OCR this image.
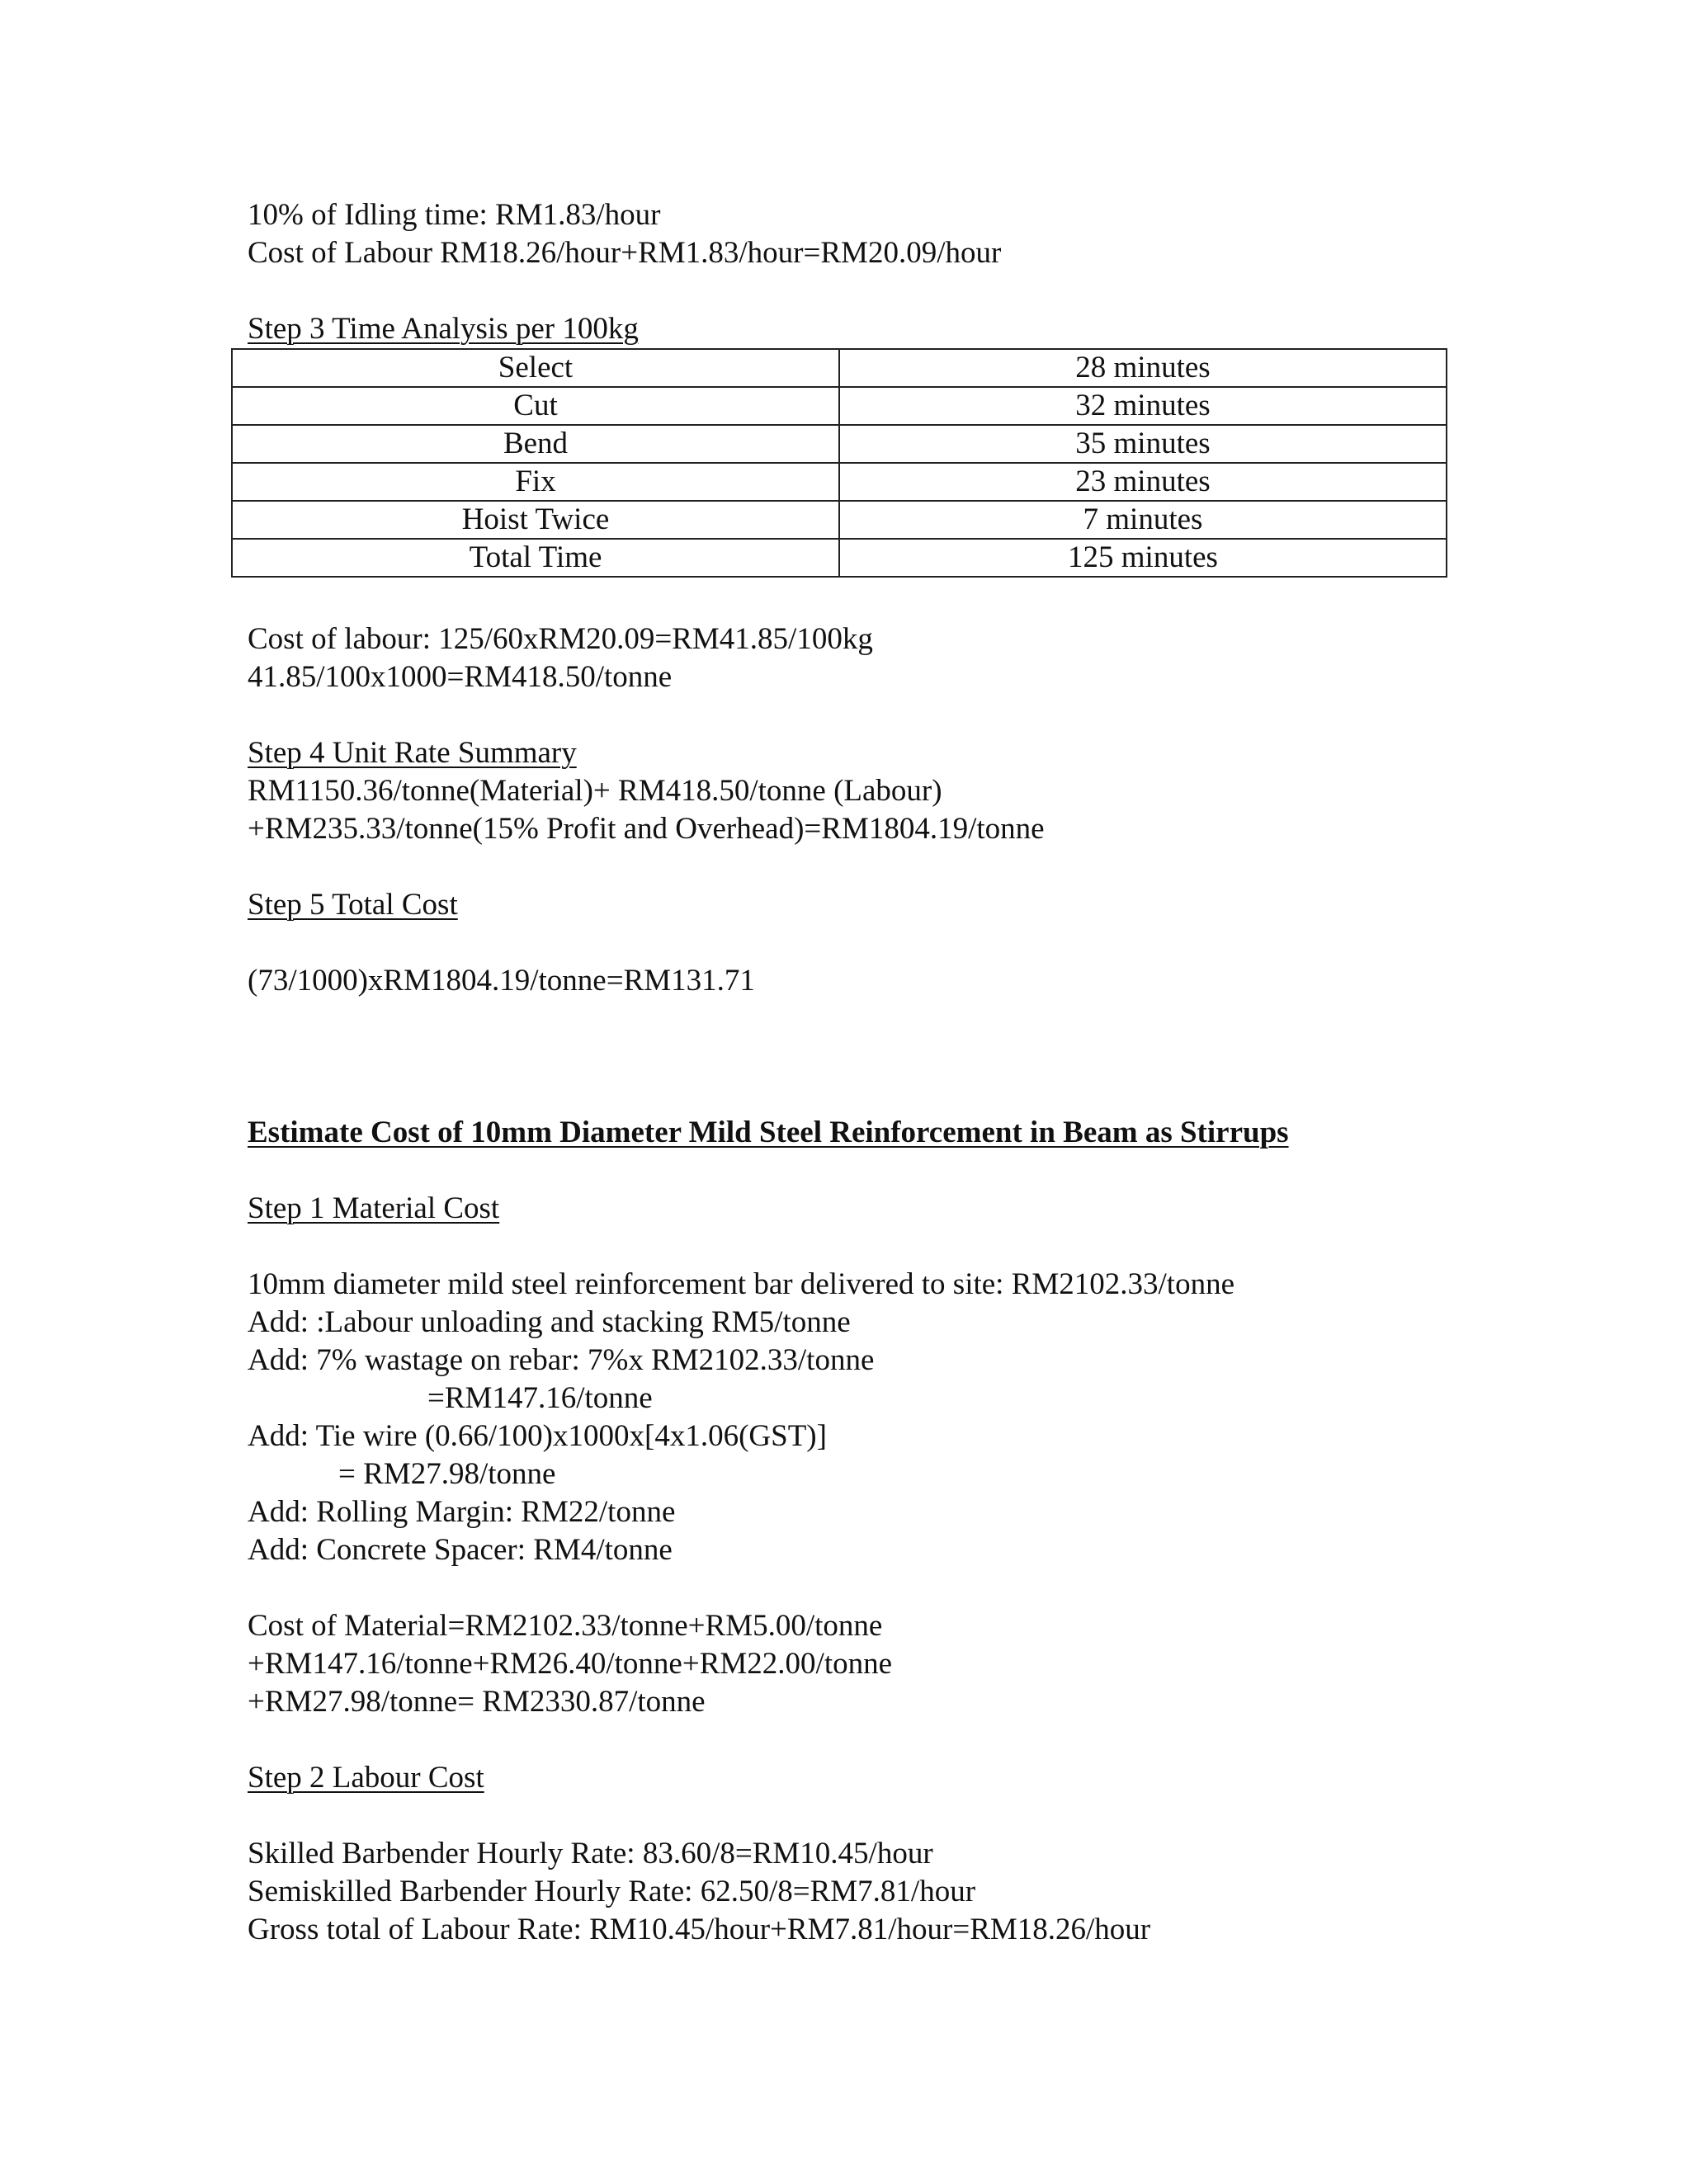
10% of Idling time: RM1.83/hour
Cost of Labour RM18.26/hour+RM1.83/hour=RM20.09/hour
Step 3 Time Analysis per 100kg
Select	28 minutes
Cut	32 minutes
Bend	35 minutes
Fix	23 minutes
Hoist Twice	7 minutes
Total Time	125 minutes
Cost of labour: 125/60xRM20.09=RM41.85/100kg
41.85/100x1000=RM418.50/tonne
Step 4 Unit Rate Summary
RM1150.36/tonne(Material)+ RM418.50/tonne (Labour)
+RM235.33/tonne(15% Profit and Overhead)=RM1804.19/tonne
Step 5 Total Cost
(73/1000)xRM1804.19/tonne=RM131.71
Estimate Cost of 10mm Diameter Mild Steel Reinforcement in Beam as Stirrups
Step 1 Material Cost
10mm diameter mild steel reinforcement bar delivered to site: RM2102.33/tonne
Add: :Labour unloading and stacking RM5/tonne
Add: 7% wastage on rebar: 7%x RM2102.33/tonne
=RM147.16/tonne
Add: Tie wire (0.66/100)x1000x[4x1.06(GST)]
= RM27.98/tonne
Add: Rolling Margin: RM22/tonne
Add: Concrete Spacer: RM4/tonne
Cost of Material=RM2102.33/tonne+RM5.00/tonne
+RM147.16/tonne+RM26.40/tonne+RM22.00/tonne
+RM27.98/tonne= RM2330.87/tonne
Step 2 Labour Cost
Skilled Barbender Hourly Rate: 83.60/8=RM10.45/hour
Semiskilled Barbender Hourly Rate: 62.50/8=RM7.81/hour
Gross total of Labour Rate: RM10.45/hour+RM7.81/hour=RM18.26/hour
